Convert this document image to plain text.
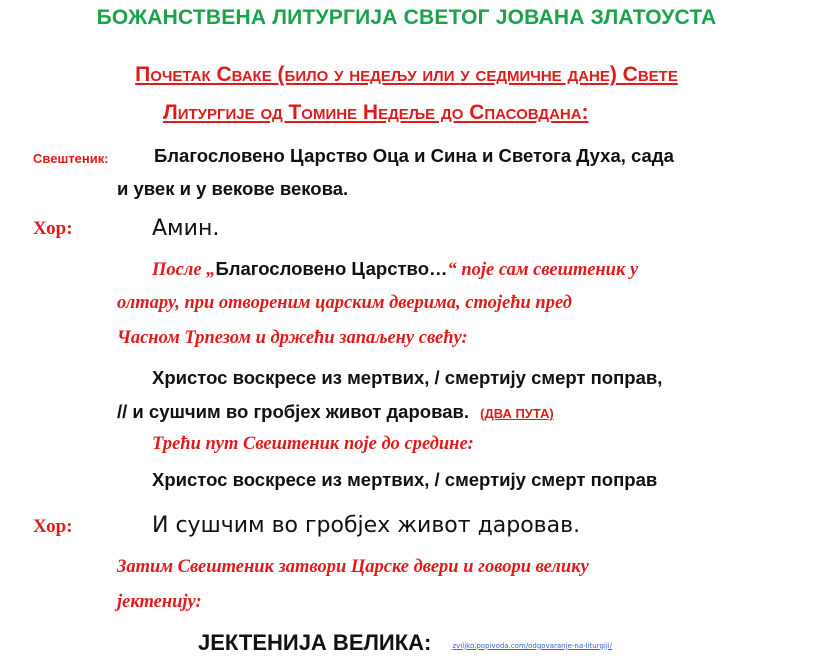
БОЖАНСТВЕНА ЛИТУРГИЈА СВЕТОГ ЈОВАНА ЗЛАТОУСТА
Почетак Сваке (било у недељу или у седмичне дане) Свете
Литургије од Томине Недеље до Спасовдана:
Свештеник: Благословено Царство Оца и Сина и Светога Духа, сада
и увек и у векове векова.
Хор:	Амин.
После „Благословено Царство…“ поје сам свештеник у
олтару, при отвореним царским дверима, стојећи пред
Часном Трпезом и држећи запаљену свећу:
Христос воскресе из мертвих, / смертију смерт поправ,
// и сушчим во гробјех живот даровав. (ДВА ПУТА)
Трећи пут Свештеник поје до средине:
Христос воскресе из мертвих, / смертију смерт поправ
Хор:	И сушчим во гробјех живот даровав.
Затим Свештеник затвори Царске двери и говори велику
јектенију:
ЈЕКТЕНИЈА ВЕЛИКА:	zviljko.popivoda.com/odgovaranje-na-liturgiji/
